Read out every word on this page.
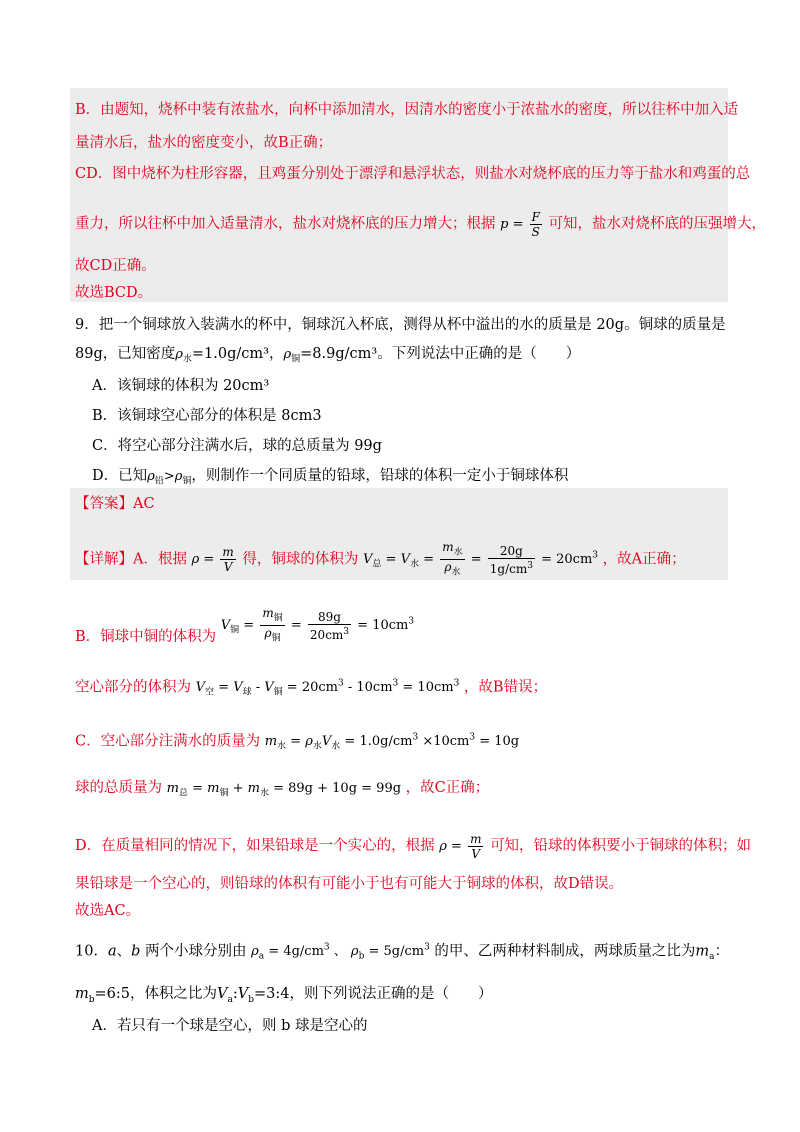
B．由题知，烧杯中装有浓盐水，向杯中添加清水，因清水的密度小于浓盐水的密度，所以往杯中加入适
量清水后，盐水的密度变小，故B正确；
CD．图中烧杯为柱形容器，且鸡蛋分别处于漂浮和悬浮状态，则盐水对烧杯底的压力等于盐水和鸡蛋的总
重力，所以往杯中加入适量清水，盐水对烧杯底的压力增大；根据 $p = \frac{F}{S}$ 可知，盐水对烧杯底的压强增大，
故CD正确。
故选BCD。
9．把一个铜球放入装满水的杯中，铜球沉入杯底，测得从杯中溢出的水的质量是 20g。铜球的质量是
89g，已知密度$\rho_水=1.0g$/cm³，$\rho_铜=8.9g$/cm³。下列说法中正确的是（　　）
A．该铜球的体积为 20cm³
B．该铜球空心部分的体积是 8cm3
C．将空心部分注满水后，球的总质量为 99g
D．已知$\rho_铅>\rho_铜$，则制作一个同质量的铅球，铅球的体积一定小于铜球体积
【答案】AC
【详解】A．根据 $\rho = \frac{m}{V}$ 得，铜球的体积为 $V_总 = V_水 = \frac{m_水}{\rho_水} = \frac{20g}{1g/cm^3} = 20cm^3$ ，故A正确；
B．铜球中铜的体积为 $V_铜 = \frac{m_铜}{\rho_铜} = \frac{89g}{20cm^3} = 10cm^3$
空心部分的体积为 $V_空 = V_球 - V_铜 = 20cm^3 - 10cm^3 = 10cm^3$ ，故B错误；
C．空心部分注满水的质量为 $m_水 = \rho_水V_水 = 1.0g/cm^3 \times 10cm^3 = 10g$
球的总质量为 $m_总 = m_铜 + m_水 = 89g + 10g = 99g$ ，故C正确；
D．在质量相同的情况下，如果铅球是一个实心的，根据 $\rho = \frac{m}{V}$ 可知，铅球的体积要小于铜球的体积；如
果铅球是一个空心的，则铅球的体积有可能小于也有可能大于铜球的体积，故D错误。
故选AC。
10．a、b 两个小球分别由 $\rho_a = 4g/cm^3$ 、 $\rho_b = 5g/cm^3$ 的甲、乙两种材料制成，两球质量之比为$m_a$：
$m_b=6:5$，体积之比为$V_a:V_b=3:4$，则下列说法正确的是（　　）
A．若只有一个球是空心，则 b 球是空心的
